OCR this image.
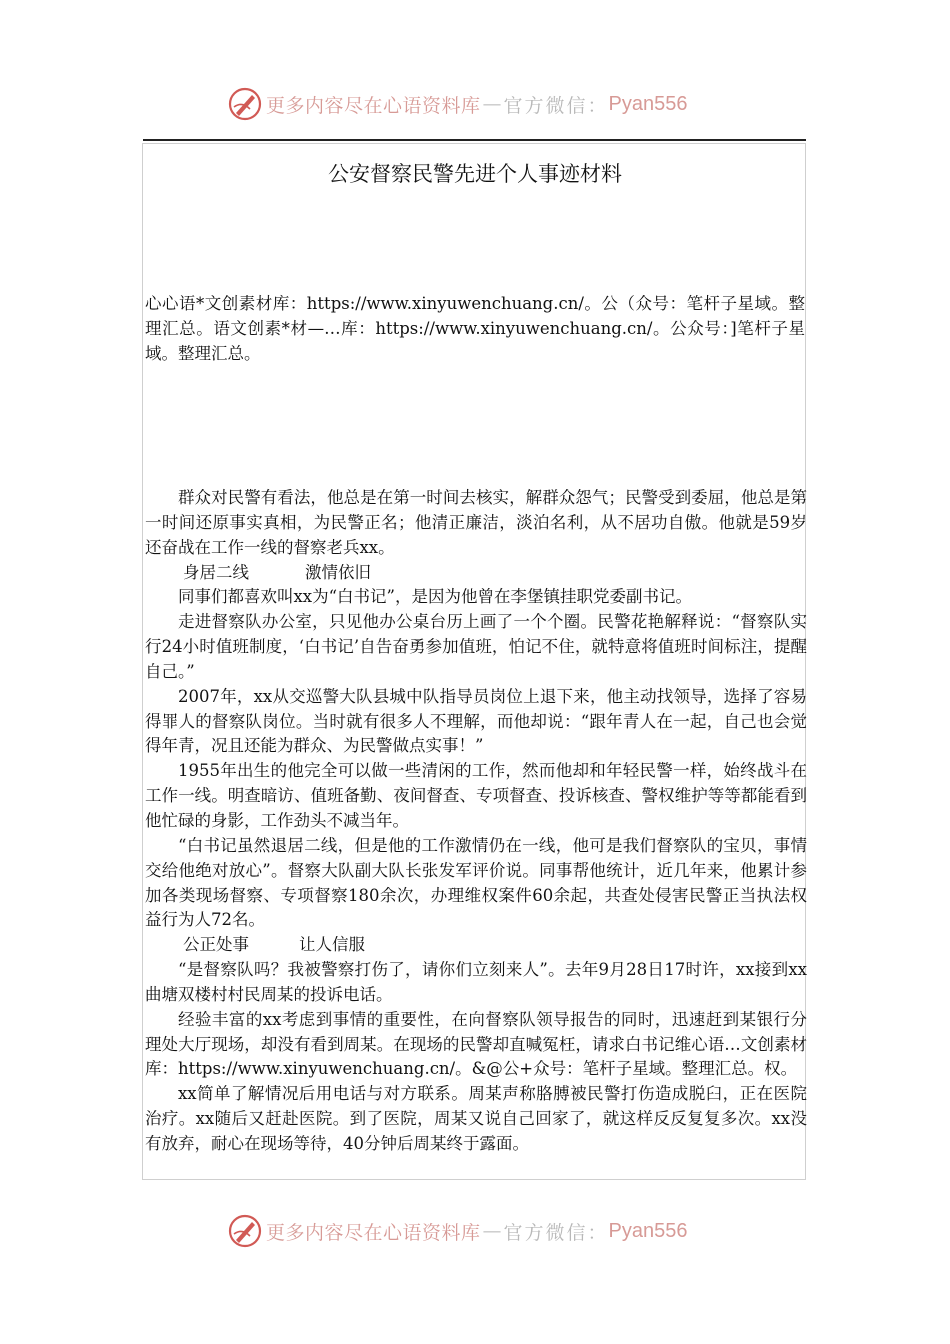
更多内容尽在心语资料库 — 官方微信： Pyan556
公安督察民警先进个人事迹材料

心心语*文创素材库：https://www.xinyuwenchuang.cn/。公（众号：笔杆子星域。整理汇总。语文创素*材—…库：https://www.xinyuwenchuang.cn/。公众号：]笔杆子星域。整理汇总。

群众对民警有看法，他总是在第一时间去核实，解群众怨气；民警受到委屈，他总是第一时间还原事实真相，为民警正名；他清正廉洁，淡泊名利，从不居功自傲。他就是59岁还奋战在工作一线的督察老兵xx。

身居二线	激情依旧

同事们都喜欢叫xx为“白书记”，是因为他曾在李堡镇挂职党委副书记。

走进督察队办公室，只见他办公桌台历上画了一个个圈。民警花艳解释说：“督察队实行24小时值班制度，‘白书记’自告奋勇参加值班，怕记不住，就特意将值班时间标注，提醒自己。”

2007年，xx从交巡警大队县城中队指导员岗位上退下来，他主动找领导，选择了容易得罪人的督察队岗位。当时就有很多人不理解，而他却说：“跟年青人在一起，自己也会觉得年青，况且还能为群众、为民警做点实事！”

1955年出生的他完全可以做一些清闲的工作，然而他却和年轻民警一样，始终战斗在工作一线。明查暗访、值班备勤、夜间督查、专项督查、投诉核查、警权维护等等都能看到他忙碌的身影，工作劲头不减当年。

“白书记虽然退居二线，但是他的工作激情仍在一线，他可是我们督察队的宝贝，事情交给他绝对放心”。督察大队副大队长张发军评价说。同事帮他统计，近几年来，他累计参加各类现场督察、专项督察180余次，办理维权案件60余起，共查处侵害民警正当执法权益行为人72名。

公正处事	让人信服

“是督察队吗？我被警察打伤了，请你们立刻来人”。去年9月28日17时许，xx接到xx曲塘双楼村村民周某的投诉电话。

经验丰富的xx考虑到事情的重要性，在向督察队领导报告的同时，迅速赶到某银行分理处大厅现场，却没有看到周某。在现场的民警却直喊冤枉，请求白书记维心语…文创素材库：https://www.xinyuwenchuang.cn/。&@公+众号：笔杆子星域。整理汇总。权。

xx简单了解情况后用电话与对方联系。周某声称胳膊被民警打伤造成脱臼，正在医院治疗。xx随后又赶赴医院。到了医院，周某又说自己回家了，就这样反反复复多次。xx没有放弃，耐心在现场等待，40分钟后周某终于露面。

更多内容尽在心语资料库 — 官方微信： Pyan556
